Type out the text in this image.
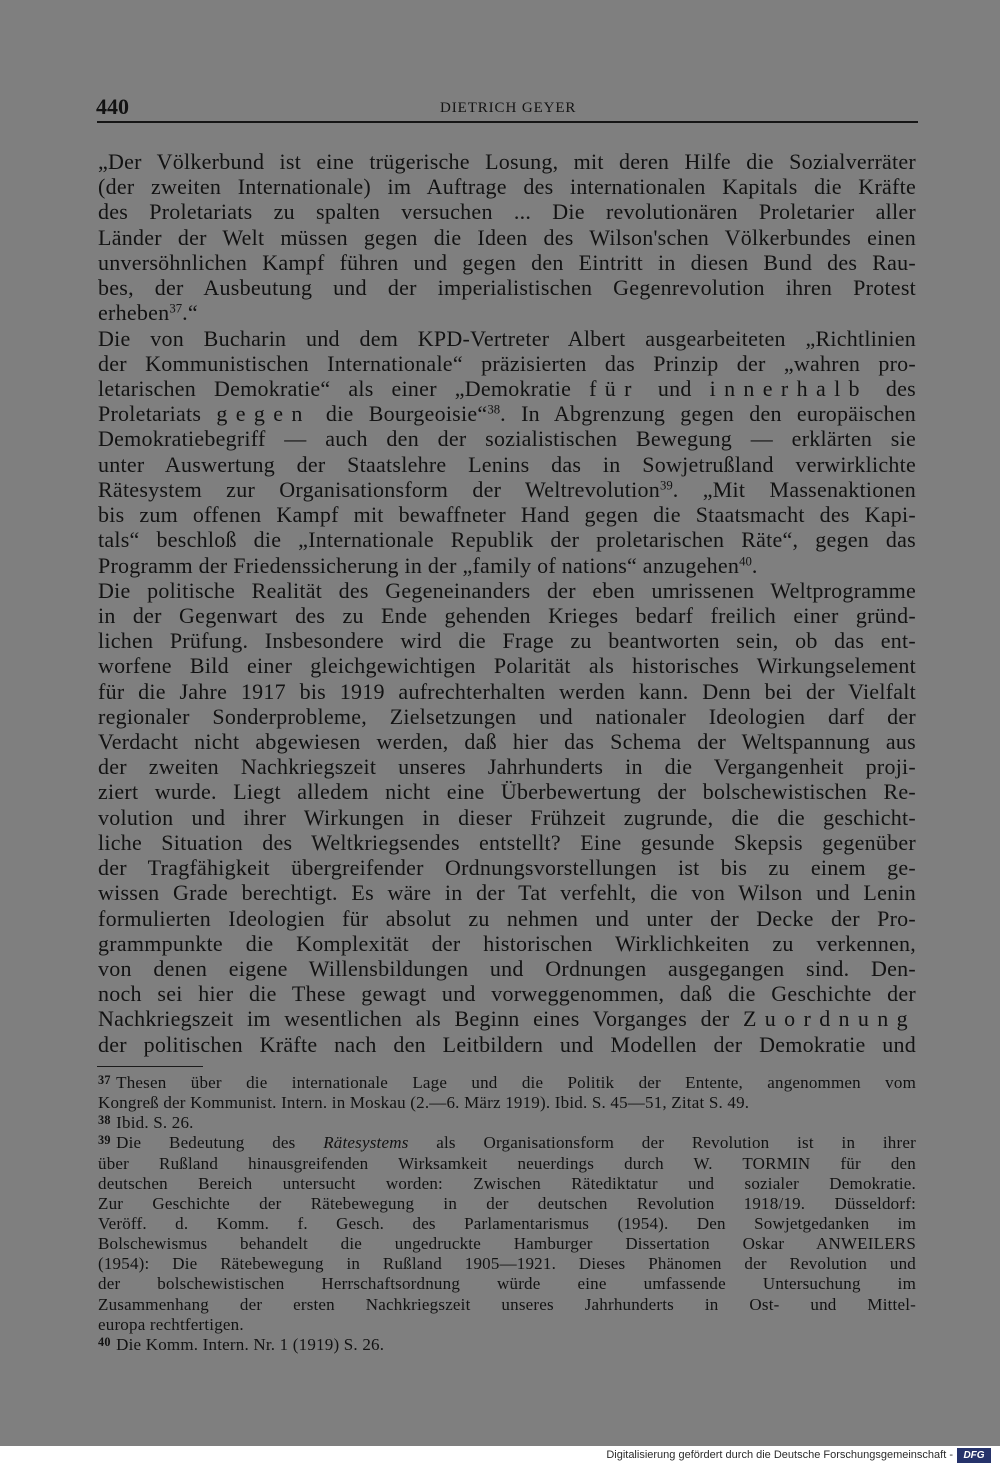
440	DIETRICH GEYER
„Der Völkerbund ist eine trügerische Losung, mit deren Hilfe die Sozialverräter
(der zweiten Internationale) im Auftrage des internationalen Kapitals die Kräfte
des Proletariats zu spalten versuchen ... Die revolutionären Proletarier aller
Länder der Welt müssen gegen die Ideen des Wilson'schen Völkerbundes einen
unversöhnlichen Kampf führen und gegen den Eintritt in diesen Bund des Rau-
bes, der Ausbeutung und der imperialistischen Gegenrevolution ihren Protest
erheben$^{37}$.“
Die von Bucharin und dem KPD-Vertreter Albert ausgearbeiteten „Richtlinien
der Kommunistischen Internationale“ präzisierten das Prinzip der „wahren pro-
letarischen Demokratie“ als einer „Demokratie für und innerhalb des
Proletariats gegen die Bourgeoisie“$^{38}$. In Abgrenzung gegen den europäischen
Demokratiebegriff — auch den der sozialistischen Bewegung — erklärten sie
unter Auswertung der Staatslehre Lenins das in Sowjetrußland verwirklichte
Rätesystem zur Organisationsform der Weltrevolution$^{39}$. „Mit Massenaktionen
bis zum offenen Kampf mit bewaffneter Hand gegen die Staatsmacht des Kapi-
tals“ beschloß die „Internationale Republik der proletarischen Räte“, gegen das
Programm der Friedenssicherung in der „family of nations“ anzugehen$^{40}$.
Die politische Realität des Gegeneinanders der eben umrissenen Weltprogramme
in der Gegenwart des zu Ende gehenden Krieges bedarf freilich einer gründ-
lichen Prüfung. Insbesondere wird die Frage zu beantworten sein, ob das ent-
worfene Bild einer gleichgewichtigen Polarität als historisches Wirkungselement
für die Jahre 1917 bis 1919 aufrechterhalten werden kann. Denn bei der Vielfalt
regionaler Sonderprobleme, Zielsetzungen und nationaler Ideologien darf der
Verdacht nicht abgewiesen werden, daß hier das Schema der Weltspannung aus
der zweiten Nachkriegszeit unseres Jahrhunderts in die Vergangenheit proji-
ziert wurde. Liegt alledem nicht eine Überbewertung der bolschewistischen Re-
volution und ihrer Wirkungen in dieser Frühzeit zugrunde, die die geschicht-
liche Situation des Weltkriegsendes entstellt? Eine gesunde Skepsis gegenüber
der Tragfähigkeit übergreifender Ordnungsvorstellungen ist bis zu einem ge-
wissen Grade berechtigt. Es wäre in der Tat verfehlt, die von Wilson und Lenin
formulierten Ideologien für absolut zu nehmen und unter der Decke der Pro-
grammpunkte die Komplexität der historischen Wirklichkeiten zu verkennen,
von denen eigene Willensbildungen und Ordnungen ausgegangen sind. Den-
noch sei hier die These gewagt und vorweggenommen, daß die Geschichte der
Nachkriegszeit im wesentlichen als Beginn eines Vorganges der Zuordnung
der politischen Kräfte nach den Leitbildern und Modellen der Demokratie und
$^{37}$ Thesen über die internationale Lage und die Politik der Entente, angenommen vom
Kongreß der Kommunist. Intern. in Moskau (2.—6. März 1919). Ibid. S. 45—51, Zitat S. 49.
$^{38}$ Ibid. S. 26.
$^{39}$ Die Bedeutung des Rätesystems als Organisationsform der Revolution ist in ihrer
über Rußland hinausgreifenden Wirksamkeit neuerdings durch W. TORMIN für den
deutschen Bereich untersucht worden: Zwischen Rätediktatur und sozialer Demokratie.
Zur Geschichte der Rätebewegung in der deutschen Revolution 1918/19. Düsseldorf:
Veröff. d. Komm. f. Gesch. des Parlamentarismus (1954). Den Sowjetgedanken im
Bolschewismus behandelt die ungedruckte Hamburger Dissertation Oskar ANWEILERS
(1954): Die Rätebewegung in Rußland 1905—1921. Dieses Phänomen der Revolution und
der bolschewistischen Herrschaftsordnung würde eine umfassende Untersuchung im
Zusammenhang der ersten Nachkriegszeit unseres Jahrhunderts in Ost- und Mittel-
europa rechtfertigen.
$^{40}$ Die Komm. Intern. Nr. 1 (1919) S. 26.
Digitalisierung gefördert durch die Deutsche Forschungsgemeinschaft -	DFG
